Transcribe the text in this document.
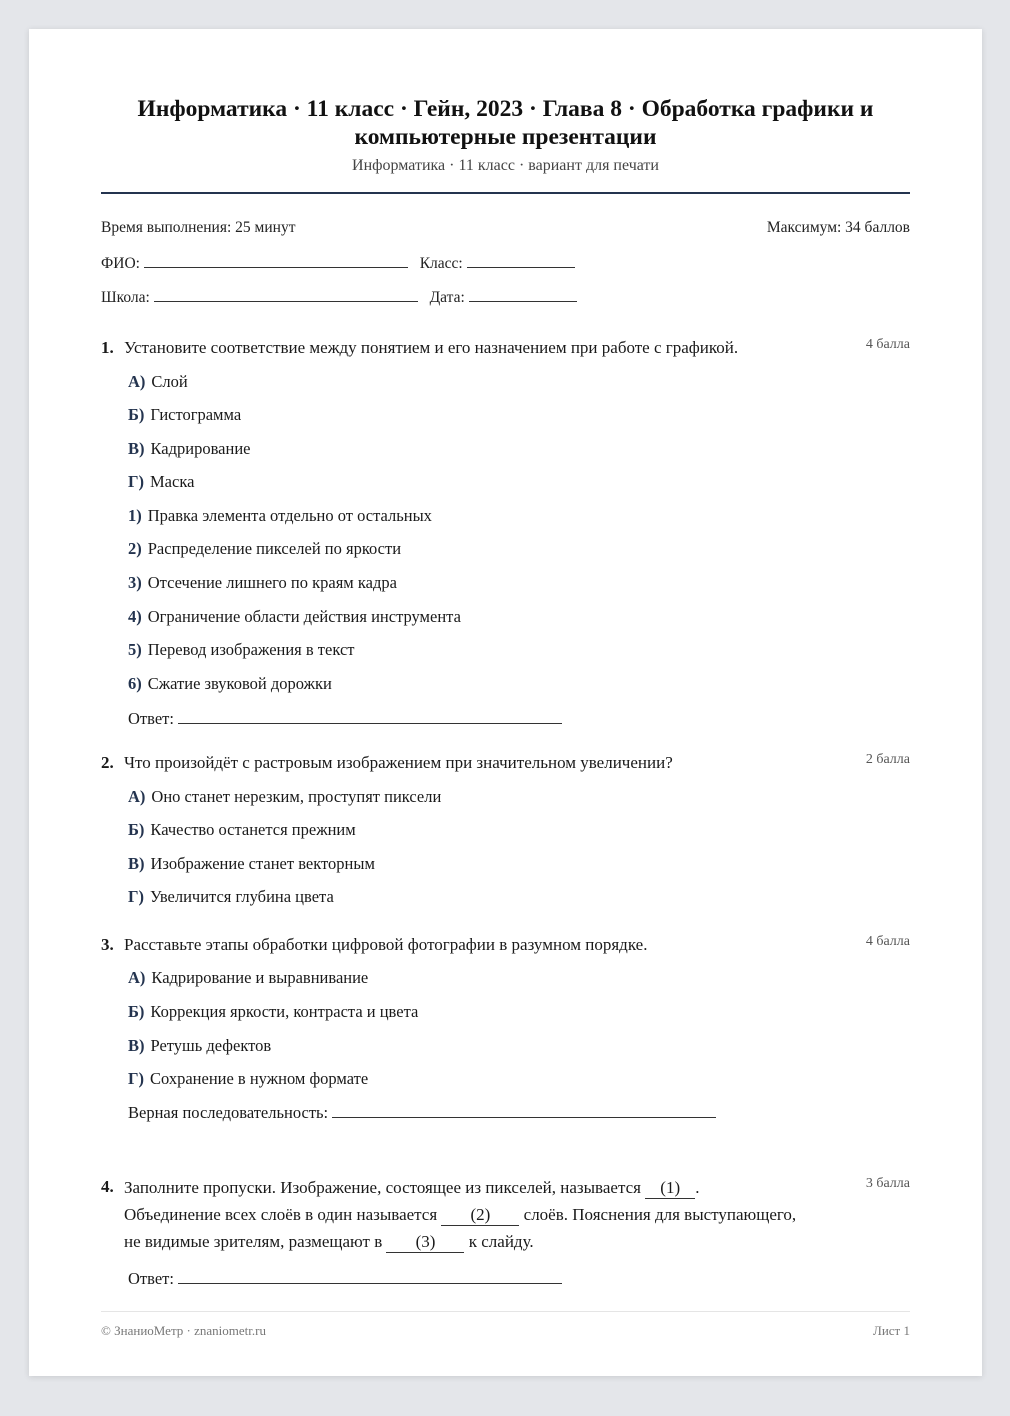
Информатика · 11 класс · Гейн, 2023 · Глава 8 · Обработка графики и компьютерные презентации
Информатика · 11 класс · вариант для печати
Время выполнения: 25 минут	Максимум: 34 баллов
ФИО:	Класс:
Школа:	Дата:
1. Установите соответствие между понятием и его назначением при работе с графикой.	4 балла
А) Слой
Б) Гистограмма
В) Кадрирование
Г) Маска
1) Правка элемента отдельно от остальных
2) Распределение пикселей по яркости
3) Отсечение лишнего по краям кадра
4) Ограничение области действия инструмента
5) Перевод изображения в текст
6) Сжатие звуковой дорожки
Ответ:
2. Что произойдёт с растровым изображением при значительном увеличении?	2 балла
А) Оно станет нерезким, проступят пиксели
Б) Качество останется прежним
В) Изображение станет векторным
Г) Увеличится глубина цвета
3. Расставьте этапы обработки цифровой фотографии в разумном порядке.	4 балла
А) Кадрирование и выравнивание
Б) Коррекция яркости, контраста и цвета
В) Ретушь дефектов
Г) Сохранение в нужном формате
Верная последовательность:
4.	3 балла
Заполните пропуски. Изображение, состоящее из пикселей, называется (1) .
Объединение всех слоёв в один называется (2) слоёв. Пояснения для выступающего,
не видимые зрителям, размещают в (3) к слайду.
Ответ:
© ЗнаниоМетр · znaniometr.ru	Лист 1
